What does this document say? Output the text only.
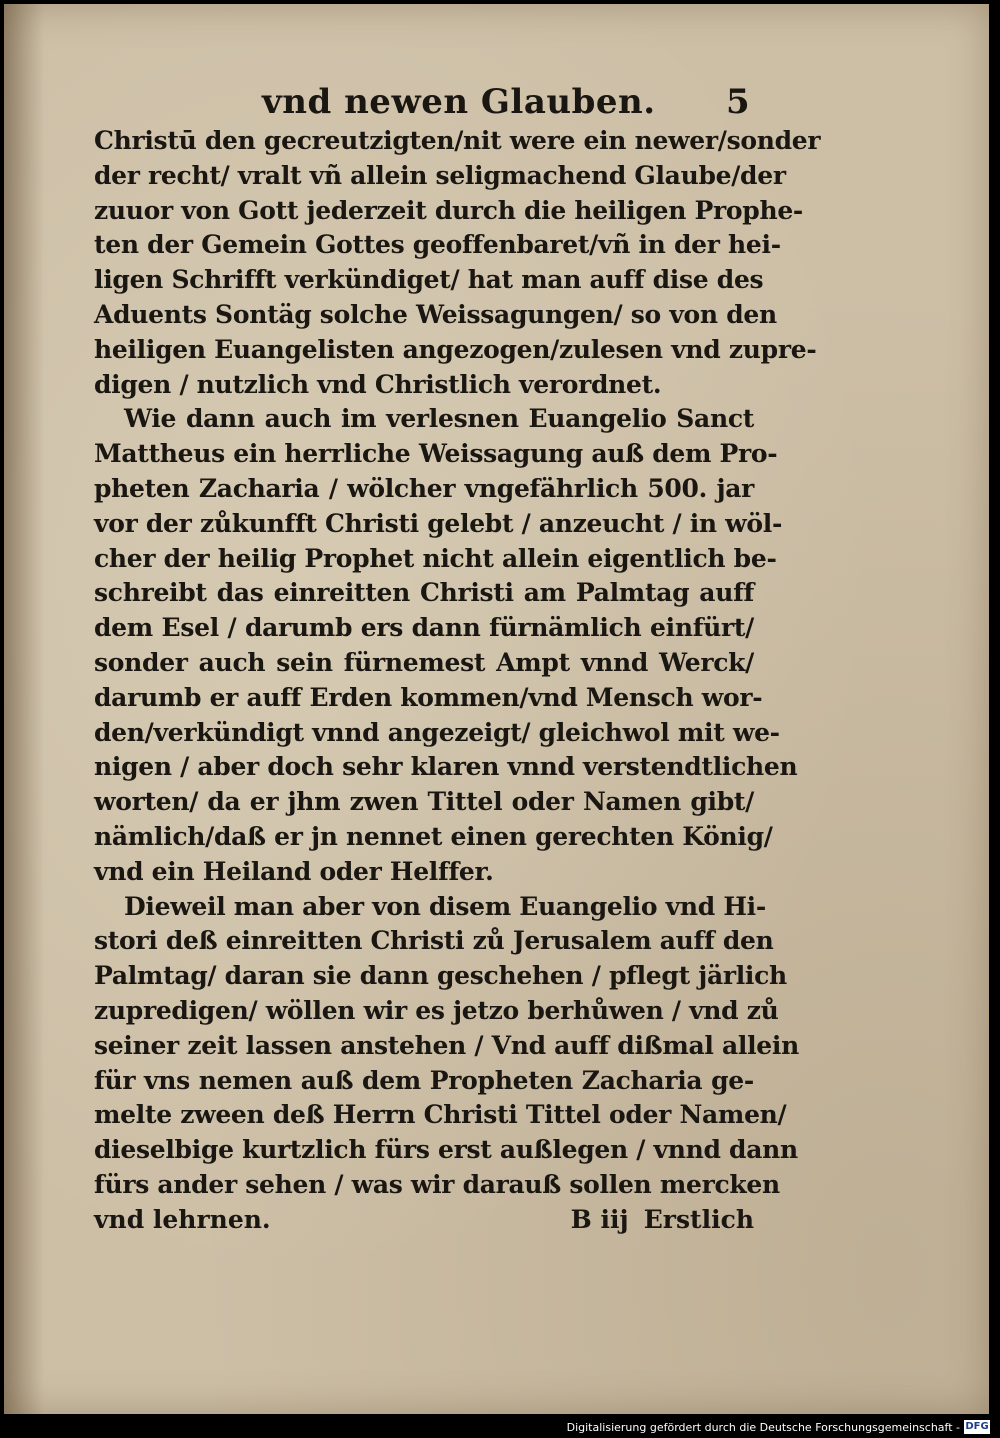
vnd newen Glauben. 5
Christū den gecreutzigten/nit were ein newer/sonder
der recht/ vralt vñ allein seligmachend Glaube/der
zuuor von Gott jederzeit durch die heiligen Prophe-
ten der Gemein Gottes geoffenbaret/vñ in der hei-
ligen Schrifft verkündiget/ hat man auff dise des
Aduents Sontäg solche Weissagungen/ so von den
heiligen Euangelisten angezogen/zulesen vnd zupre-
digen / nutzlich vnd Christlich verordnet.
Wie dann auch im verlesnen Euangelio Sanct
Mattheus ein herrliche Weissagung auß dem Pro-
pheten Zacharia / wölcher vngefährlich 500. jar
vor der zůkunfft Christi gelebt / anzeucht / in wöl-
cher der heilig Prophet nicht allein eigentlich be-
schreibt das einreitten Christi am Palmtag auff
dem Esel / darumb ers dann fürnämlich einfürt/
sonder auch sein fürnemest Ampt vnnd Werck/
darumb er auff Erden kommen/vnd Mensch wor-
den/verkündigt vnnd angezeigt/ gleichwol mit we-
nigen / aber doch sehr klaren vnnd verstendtlichen
worten/ da er jhm zwen Tittel oder Namen gibt/
nämlich/daß er jn nennet einen gerechten König/
vnd ein Heiland oder Helffer.
Dieweil man aber von disem Euangelio vnd Hi-
stori deß einreitten Christi zů Jerusalem auff den
Palmtag/ daran sie dann geschehen / pflegt järlich
zupredigen/ wöllen wir es jetzo berhůwen / vnd zů
seiner zeit lassen anstehen / Vnd auff dißmal allein
für vns nemen auß dem Propheten Zacharia ge-
melte zween deß Herrn Christi Tittel oder Namen/
dieselbige kurtzlich fürs erst außlegen / vnnd dann
fürs ander sehen / was wir darauß sollen mercken
vnd lehrnen.	B iij Erstlich
Digitalisierung gefördert durch die Deutsche Forschungsgemeinschaft - DFG
